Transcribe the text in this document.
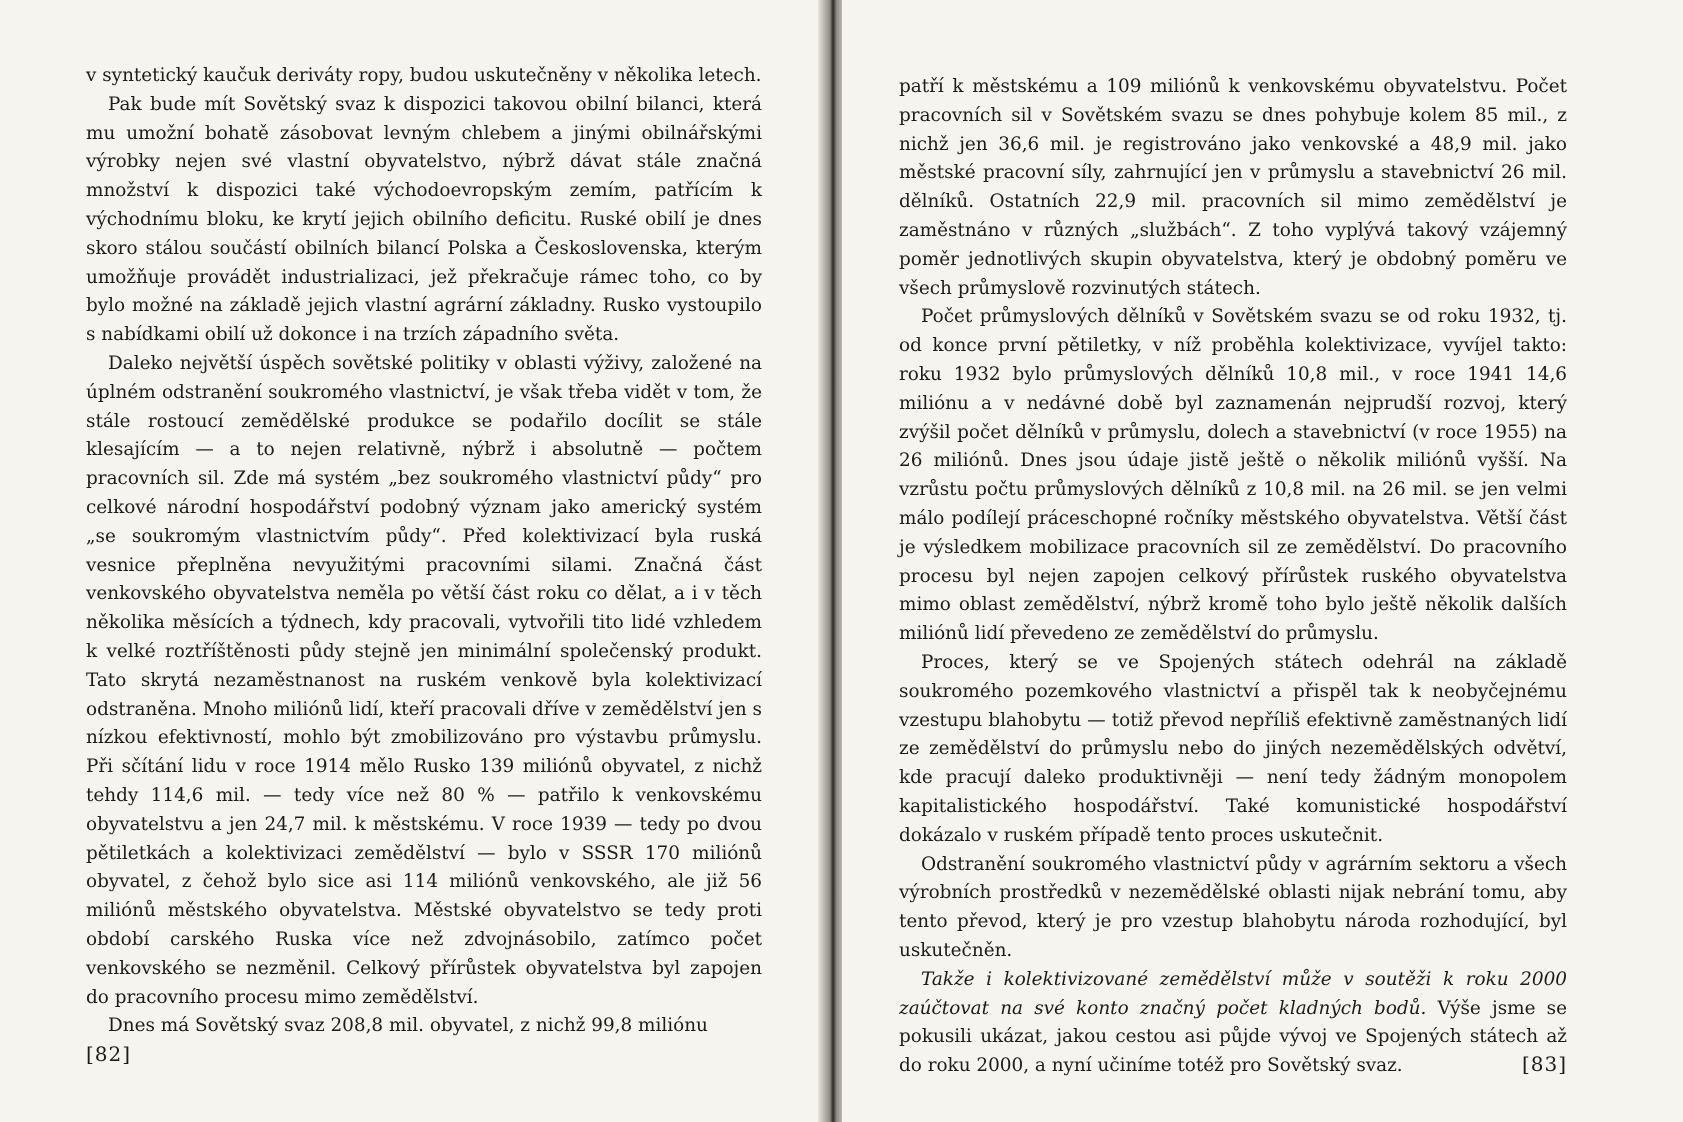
v syntetický kaučuk deriváty ropy, budou uskutečněny v několika letech.

Pak bude mít Sovětský svaz k dispozici takovou obilní bilanci, která mu umožní bohatě zásobovat levným chlebem a jinými obilnářskými výrobky nejen své vlastní obyvatelstvo, nýbrž dávat stále značná množství k dispozici také východoevropským zemím, patřícím k východnímu bloku, ke krytí jejich obilního deficitu. Ruské obilí je dnes skoro stálou součástí obilních bilancí Polska a Československa, kterým umožňuje provádět industrializaci, jež překračuje rámec toho, co by bylo možné na základě jejich vlastní agrární základny. Rusko vystoupilo s nabídkami obilí už dokonce i na trzích západního světa.

Daleko největší úspěch sovětské politiky v oblasti výživy, založené na úplném odstranění soukromého vlastnictví, je však třeba vidět v tom, že stále rostoucí zemědělské produkce se podařilo docílit se stále klesajícím — a to nejen relativně, nýbrž i absolutně — počtem pracovních sil. Zde má systém „bez soukromého vlastnictví půdy“ pro celkové národní hospodářství podobný význam jako americký systém „se soukromým vlastnictvím půdy“. Před kolektivizací byla ruská vesnice přeplněna nevyužitými pracovními silami. Značná část venkovského obyvatelstva neměla po větší část roku co dělat, a i v těch několika měsících a týdnech, kdy pracovali, vytvořili tito lidé vzhledem k velké roztříštěnosti půdy stejně jen minimální společenský produkt. Tato skrytá nezaměstnanost na ruském venkově byla kolektivizací odstraněna. Mnoho miliónů lidí, kteří pracovali dříve v zemědělství jen s nízkou efektivností, mohlo být zmobilizováno pro výstavbu průmyslu. Při sčítání lidu v roce 1914 mělo Rusko 139 miliónů obyvatel, z nichž tehdy 114,6 mil. — tedy více než 80 % — patřilo k venkovskému obyvatelstvu a jen 24,7 mil. k městskému. V roce 1939 — tedy po dvou pětiletkách a kolektivizaci zemědělství — bylo v SSSR 170 miliónů obyvatel, z čehož bylo sice asi 114 miliónů venkovského, ale již 56 miliónů městského obyvatelstva. Městské obyvatelstvo se tedy proti období carského Ruska více než zdvojnásobilo, zatímco počet venkovského se nezměnil. Celkový přírůstek obyvatelstva byl zapojen do pracovního procesu mimo zemědělství.

Dnes má Sovětský svaz 208,8 mil. obyvatel, z nichž 99,8 miliónu

[82]

patří k městskému a 109 miliónů k venkovskému obyvatelstvu. Počet pracovních sil v Sovětském svazu se dnes pohybuje kolem 85 mil., z nichž jen 36,6 mil. je registrováno jako venkovské a 48,9 mil. jako městské pracovní síly, zahrnující jen v průmyslu a stavebnictví 26 mil. dělníků. Ostatních 22,9 mil. pracovních sil mimo zemědělství je zaměstnáno v různých „službách“. Z toho vyplývá takový vzájemný poměr jednotlivých skupin obyvatelstva, který je obdobný poměru ve všech průmyslově rozvinutých státech.

Počet průmyslových dělníků v Sovětském svazu se od roku 1932, tj. od konce první pětiletky, v níž proběhla kolektivizace, vyvíjel takto: roku 1932 bylo průmyslových dělníků 10,8 mil., v roce 1941 14,6 miliónu a v nedávné době byl zaznamenán nejprudší rozvoj, který zvýšil počet dělníků v průmyslu, dolech a stavebnictví (v roce 1955) na 26 miliónů. Dnes jsou údaje jistě ještě o několik miliónů vyšší. Na vzrůstu počtu průmyslových dělníků z 10,8 mil. na 26 mil. se jen velmi málo podílejí práceschopné ročníky městského obyvatelstva. Větší část je výsledkem mobilizace pracovních sil ze zemědělství. Do pracovního procesu byl nejen zapojen celkový přírůstek ruského obyvatelstva mimo oblast zemědělství, nýbrž kromě toho bylo ještě několik dalších miliónů lidí převedeno ze zemědělství do průmyslu.

Proces, který se ve Spojených státech odehrál na základě soukromého pozemkového vlastnictví a přispěl tak k neobyčejnému vzestupu blahobytu — totiž převod nepříliš efektivně zaměstnaných lidí ze zemědělství do průmyslu nebo do jiných nezemědělských odvětví, kde pracují daleko produktivněji — není tedy žádným monopolem kapitalistického hospodářství. Také komunistické hospodářství dokázalo v ruském případě tento proces uskutečnit.

Odstranění soukromého vlastnictví půdy v agrárním sektoru a všech výrobních prostředků v nezemědělské oblasti nijak nebrání tomu, aby tento převod, který je pro vzestup blahobytu národa rozhodující, byl uskutečněn.

Takže i kolektivizované zemědělství může v soutěži k roku 2000 zaúčtovat na své konto značný počet kladných bodů. Výše jsme se pokusili ukázat, jakou cestou asi půjde vývoj ve Spojených státech až do roku 2000, a nyní učiníme totéž pro Sovětský svaz.	[83]
